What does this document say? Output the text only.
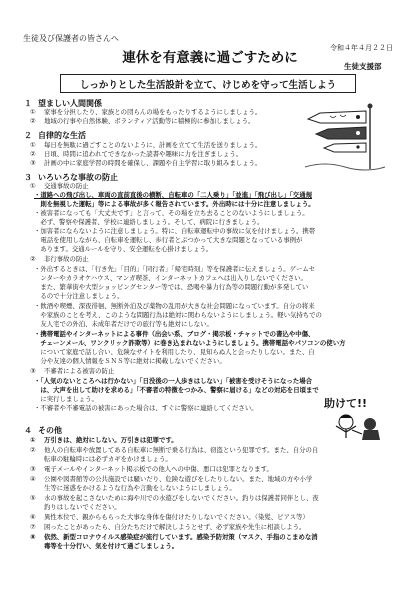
生徒及び保護者の皆さんへ
令和４年４月２２日
連休を有意義に過ごすために
生徒支援部
しっかりとした生活設計を立て、けじめを守って生活しよう
１ 望ましい人間関係
① 家事を分担したり、家族との団らんの場をもったりするようにしましょう。
② 地域の行事や自然体験、ボランティア活動等に積極的に参加しましょう。
２ 自律的な生活
① 毎日を無駄に過ごすことのないように、計画を立てて生活を送りましょう。
② 日頃、時間に追われてできなかった読書や趣味に力を注ぎましょう。
③ 計画の中に家庭学習の時間を確保し、課題や自主学習に取り組みましょう。
３ いろいろな事故の防止
① 交通事故の防止
・道路への飛び出し、車両の直前直後の横断、自転車の「二人乗り」「並進」「飛び出し」「交通規
　則を無視した運転」等による事故が多く報告されています。外出時には十分に注意しましょう。
・被害者になっても「大丈夫です」と言って、その場を立ち去ることのないようにしましょう。
　必ず、警察や保護者、学校に連絡しましょう。そして、病院に行きましょう。
・加害者にならないように注意しましょう。特に、自転車運転中の事故に気を付けましょう。携帯
　電話を使用しながら、自転車を運転し、歩行者とぶつかって大きな問題となっている事例が
　あります。交通ルールを守り、安全運転を心掛けましょう。
② 非行事故の防止
・外出するときは、「行き先」「目的」「同行者」「帰宅時刻」等を保護者に伝えましょう。ゲームセ
　ンターやカラオケハウス、マンガ喫茶、インターネットカフェへは出入りしないでください。
　また、繁華街や大型ショッピングセンター等では、恐喝や暴力行為等の問題行動が多発してい
　るので十分注意しましょう。
・飲酒や喫煙、深夜徘徊、無断外泊及び薬物の乱用が大きな社会問題になっています。自分の将来
　や家族のことを考え、このような問題行為は絶対に関わらないようにしましょう。軽い気持ちでの
　友人宅での外泊、未成年者だけでの旅行等も絶対にしない。
・携帯電話やインターネットによる事件（出会い系、ブログ・掲示板・チャットでの書込や中傷、
　チェーンメール、ワンクリック詐欺等）に巻き込まれないようにしましょう。携帯電話やパソコンの使い方
　について家庭で話し合い、危険なサイトを利用したり、見知らぬ人と会ったりしない。また、自
　分や友達の個人情報をＳＮＳ等に絶対に掲載しないでください。
③ 不審者による被害の防止
・「人気のないところへは行かない」「日没後の一人歩きはしない」「被害を受けそうになった場合
　は、大声を出して助けを求める」「不審者の特徴をつかみ、警察に届ける」などの対応を日頃まで
　に実行しましょう。
・不審者や不審電話の被害にあった場合は、すぐに警察に連絡してください。	助けて!!
４ その他
① 万引きは、絶対にしない。万引きは犯罪です。
② 他人の自転車や放置してある自転車に無断で乗る行為は、窃盗という犯罪です。また、自分の自
転車の駐輪時には必ずカギをかけましょう。
③ 電子メールやインターネット掲示板での他人への中傷、悪口は犯罪となります。
④ 公園や図書館等の公共施設では騒いだり、危険な遊びをしたりしない。また、地域の方や小学
生等に迷惑をかけるような行為や言動をしないようにしましょう。
⑤ 水の事故を起こさないために海や川での水遊びをしないでください。釣りは保護者同伴とし、夜
釣りはしないでください。
⑥ 異性本位で、親からもらった大事な身体を傷付けたりしないでください。（染髪、ピアス等）
⑦ 困ったことがあったら、自分たちだけで解決しようとせず、必ず家族や先生に相談しよう。
⑧ 依然、新型コロナウイルス感染症が流行しています。感染予防対策（マスク、手指のこまめな消
毒等を十分行い、気を付けて過ごしましょう。
